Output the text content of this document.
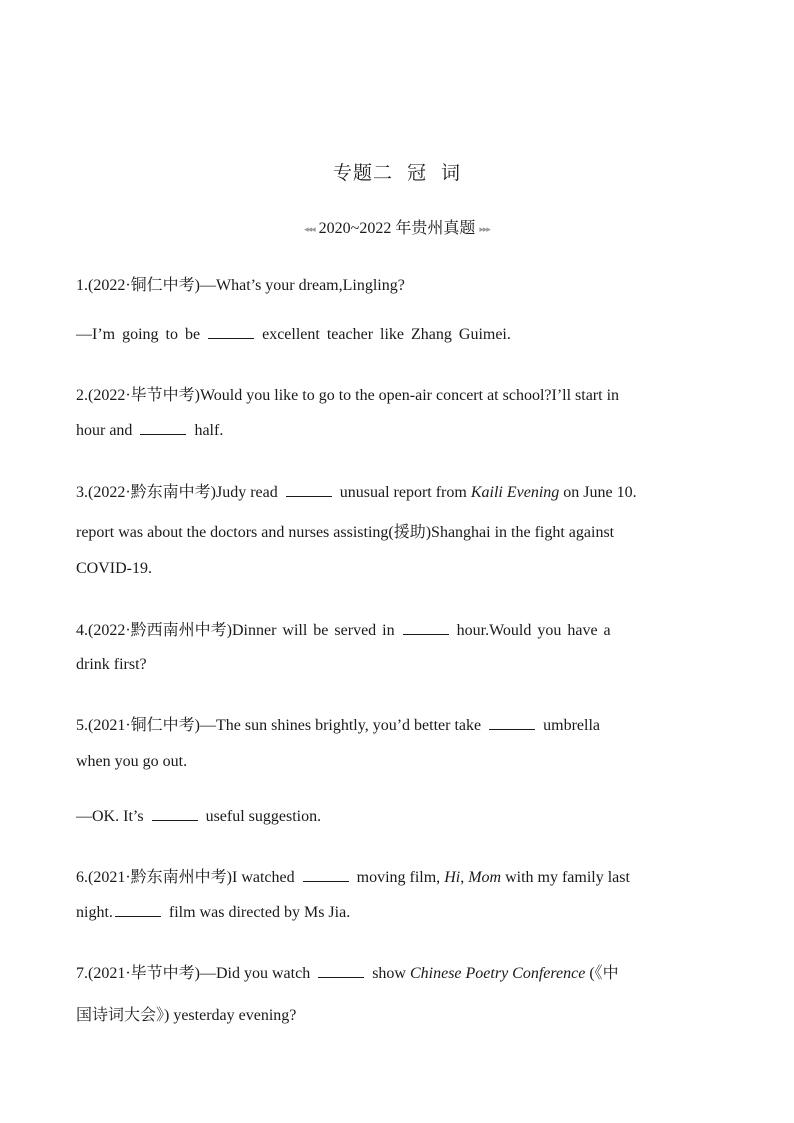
专题二 冠 词
◂◂◂ 2020~2022 年贵州真题 ▸▸▸
1.(2022·铜仁中考)—What’s your dream,Lingling?
—I’m going to be	excellent teacher like Zhang Guimei.
2.(2022·毕节中考)Would you like to go to the open-air concert at school?I’ll start in
hour and	half.
3.(2022·黔东南中考)Judy read	unusual report from Kaili Evening on June 10.
report was about the doctors and nurses assisting(援助)Shanghai in the fight against
COVID-19.
4.(2022·黔西南州中考)Dinner will be served in	hour.Would you have a
drink first?
5.(2021·铜仁中考)—The sun shines brightly, you’d better take	umbrella
when you go out.
—OK. It’s	useful suggestion.
6.(2021·黔东南州中考)I watched	moving film, Hi, Mom with my family last
night.	film was directed by Ms Jia.
7.(2021·毕节中考)—Did you watch	show Chinese Poetry Conference (《中
国诗词大会》) yesterday evening?
